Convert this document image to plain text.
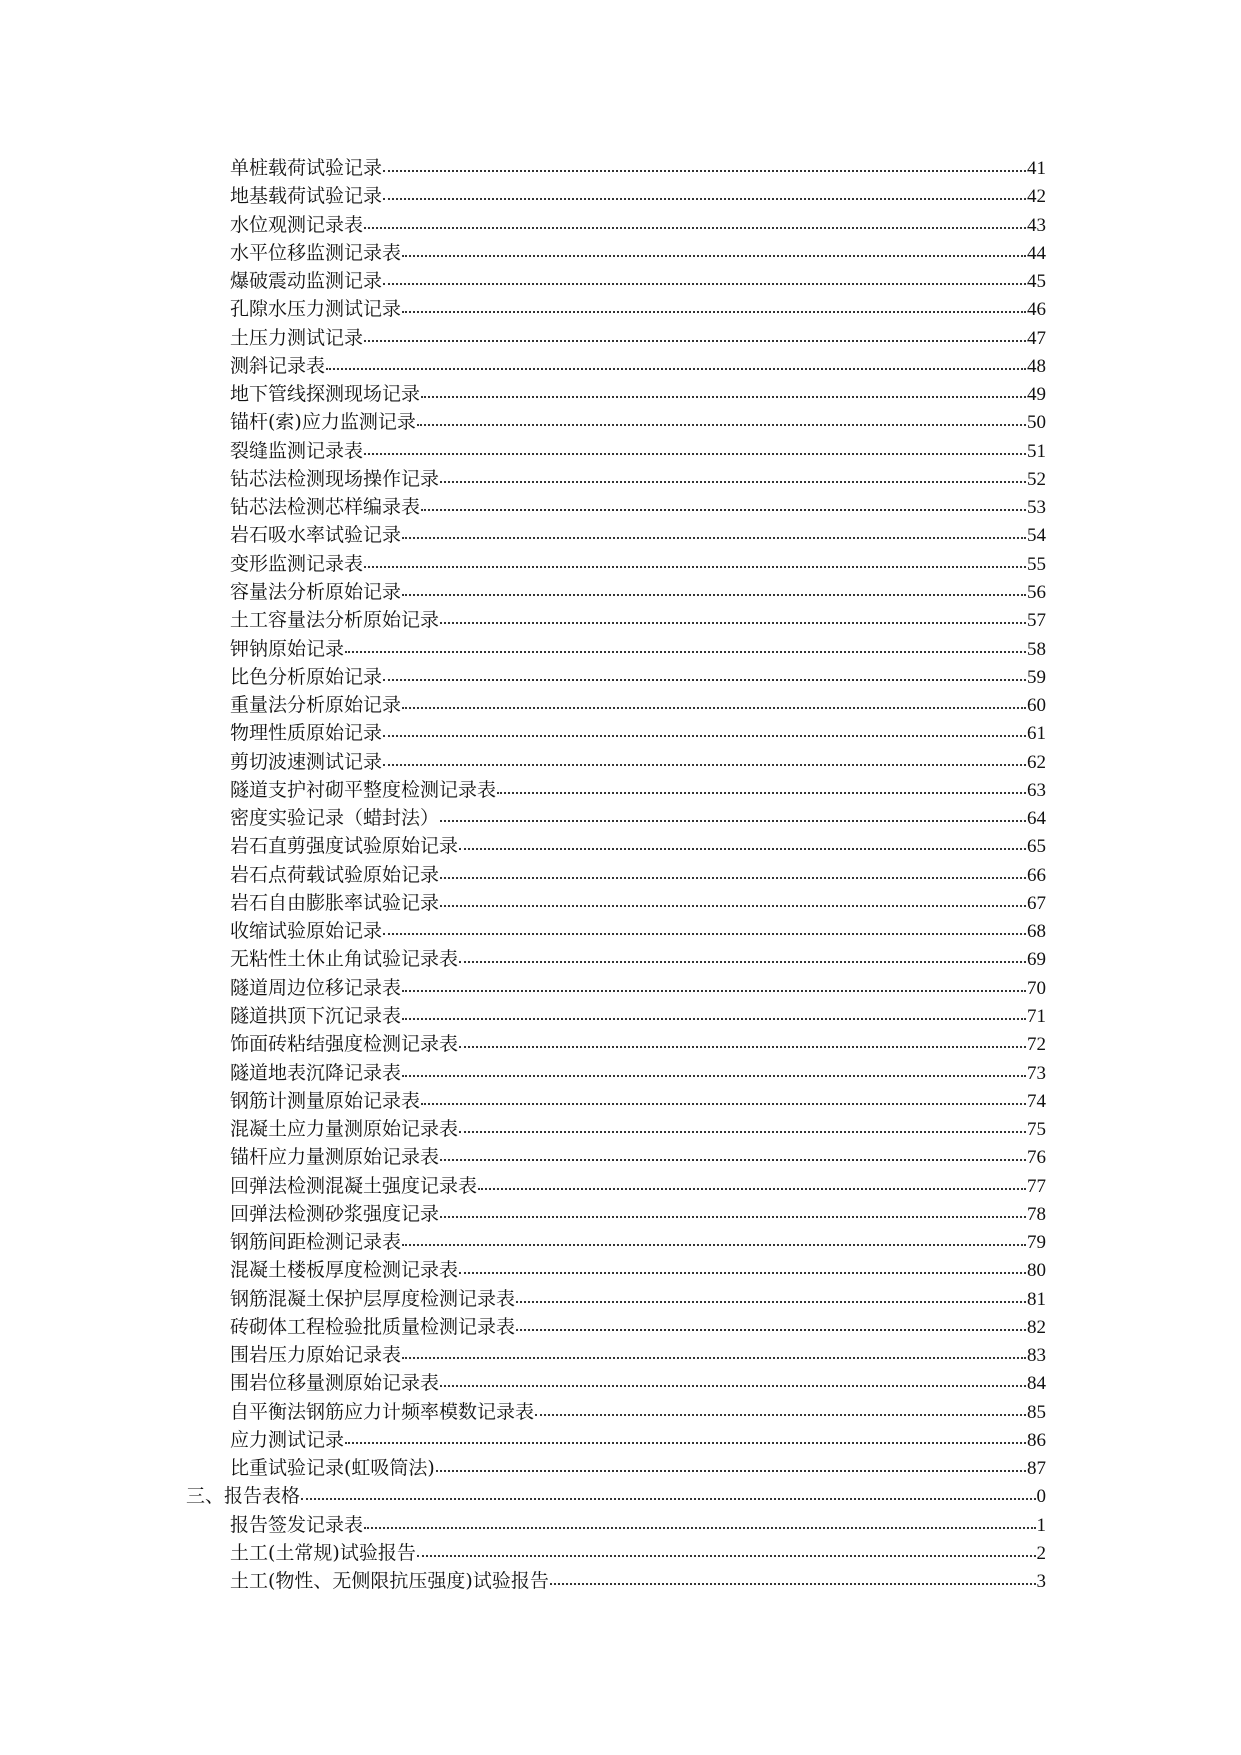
单桩载荷试验记录	41
地基载荷试验记录	42
水位观测记录表	43
水平位移监测记录表	44
爆破震动监测记录	45
孔隙水压力测试记录	46
土压力测试记录	47
测斜记录表	48
地下管线探测现场记录	49
锚杆(索)应力监测记录	50
裂缝监测记录表	51
钻芯法检测现场操作记录	52
钻芯法检测芯样编录表	53
岩石吸水率试验记录	54
变形监测记录表	55
容量法分析原始记录	56
土工容量法分析原始记录	57
钾钠原始记录	58
比色分析原始记录	59
重量法分析原始记录	60
物理性质原始记录	61
剪切波速测试记录	62
隧道支护衬砌平整度检测记录表	63
密度实验记录（蜡封法）	64
岩石直剪强度试验原始记录	65
岩石点荷载试验原始记录	66
岩石自由膨胀率试验记录	67
收缩试验原始记录	68
无粘性土休止角试验记录表	69
隧道周边位移记录表	70
隧道拱顶下沉记录表	71
饰面砖粘结强度检测记录表	72
隧道地表沉降记录表	73
钢筋计测量原始记录表	74
混凝土应力量测原始记录表	75
锚杆应力量测原始记录表	76
回弹法检测混凝土强度记录表	77
回弹法检测砂浆强度记录	78
钢筋间距检测记录表	79
混凝土楼板厚度检测记录表	80
钢筋混凝土保护层厚度检测记录表	81
砖砌体工程检验批质量检测记录表	82
围岩压力原始记录表	83
围岩位移量测原始记录表	84
自平衡法钢筋应力计频率模数记录表	85
应力测试记录	86
比重试验记录(虹吸筒法)	87
三、报告表格	0
报告签发记录表	1
土工(土常规)试验报告	2
土工(物性、无侧限抗压强度)试验报告	3
